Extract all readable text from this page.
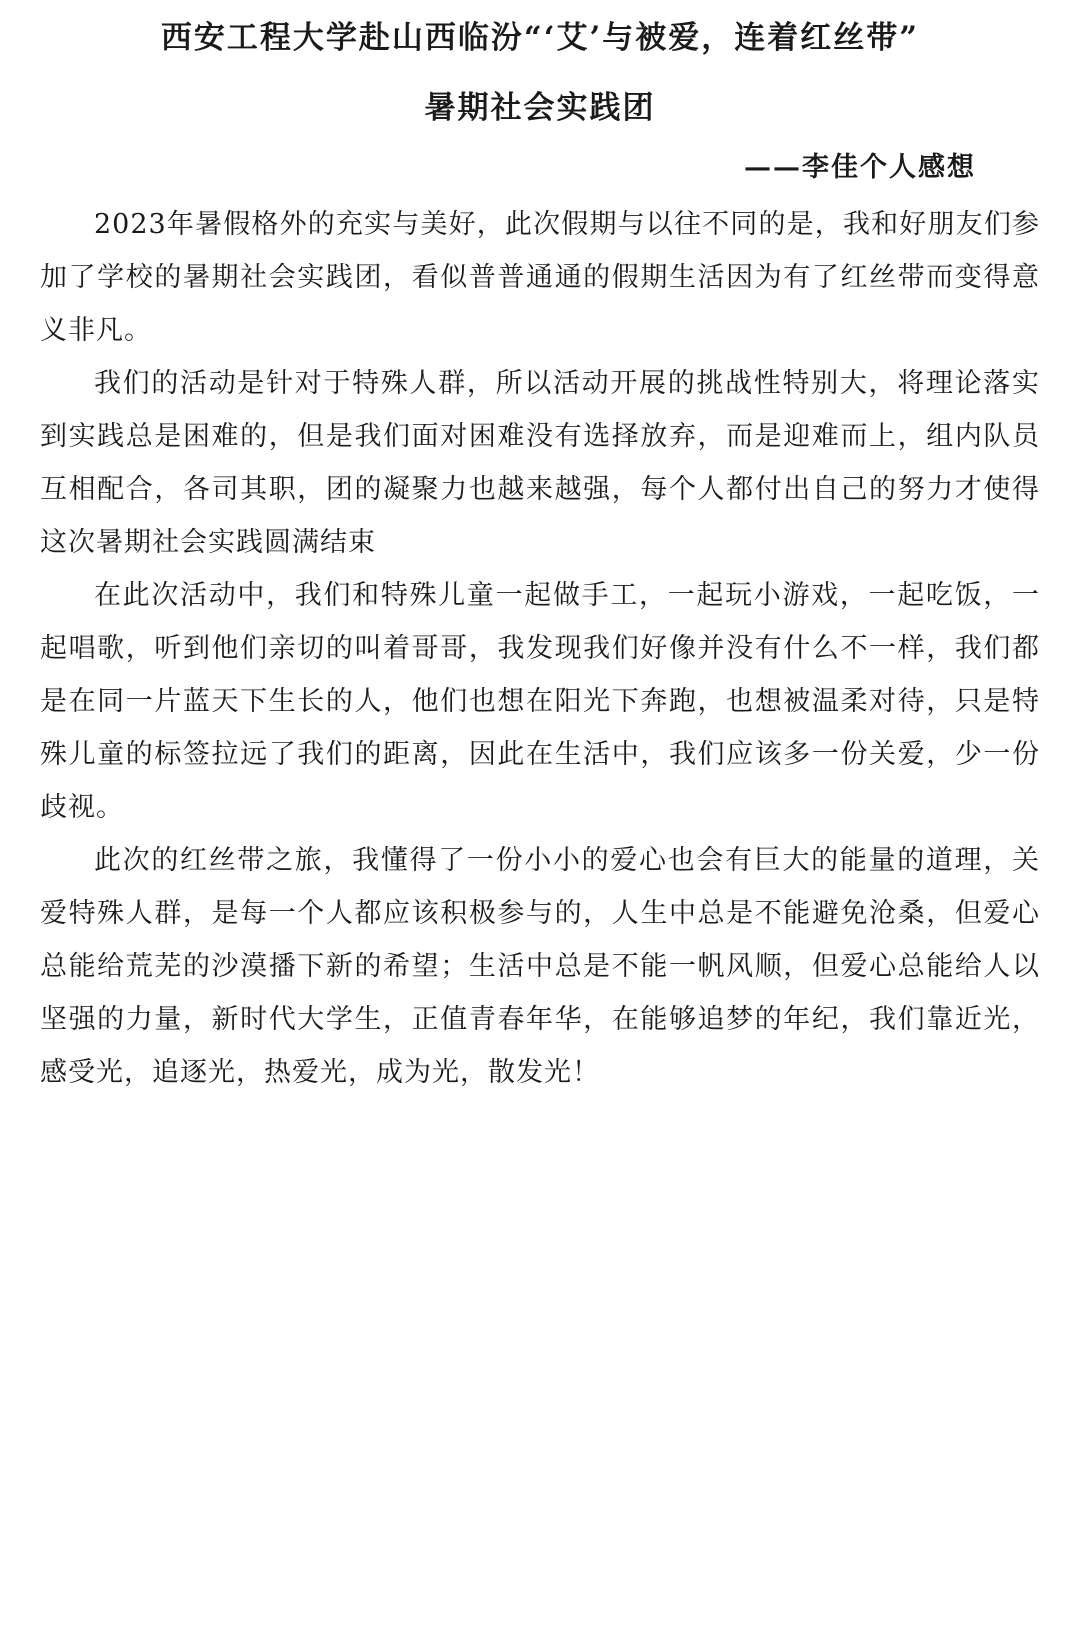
西安工程大学赴山西临汾“‘艾’与被爱，连着红丝带”
暑期社会实践团
——李佳个人感想

2023年暑假格外的充实与美好，此次假期与以往不同的是，我和好朋友们参加了学校的暑期社会实践团，看似普普通通的假期生活因为有了红丝带而变得意义非凡。

我们的活动是针对于特殊人群，所以活动开展的挑战性特别大，将理论落实到实践总是困难的，但是我们面对困难没有选择放弃，而是迎难而上，组内队员互相配合，各司其职，团的凝聚力也越来越强，每个人都付出自己的努力才使得这次暑期社会实践圆满结束

在此次活动中，我们和特殊儿童一起做手工，一起玩小游戏，一起吃饭，一起唱歌，听到他们亲切的叫着哥哥，我发现我们好像并没有什么不一样，我们都是在同一片蓝天下生长的人，他们也想在阳光下奔跑，也想被温柔对待，只是特殊儿童的标签拉远了我们的距离，因此在生活中，我们应该多一份关爱，少一份歧视。

此次的红丝带之旅，我懂得了一份小小的爱心也会有巨大的能量的道理，关爱特殊人群，是每一个人都应该积极参与的，人生中总是不能避免沧桑，但爱心总能给荒芜的沙漠播下新的希望；生活中总是不能一帆风顺，但爱心总能给人以坚强的力量，新时代大学生，正值青春年华，在能够追梦的年纪，我们靠近光，感受光，追逐光，热爱光，成为光，散发光！
